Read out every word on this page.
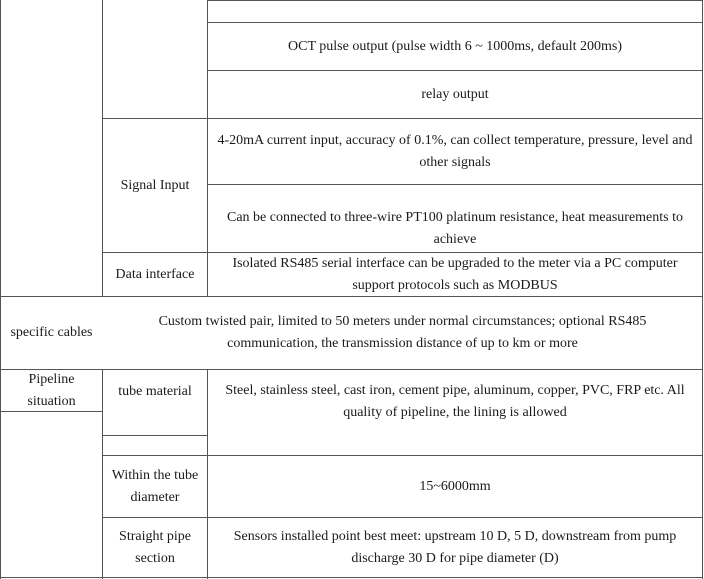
OCT pulse output (pulse width 6 ~ 1000ms, default 200ms)
relay output
Signal Input
4-20mA current input, accuracy of 0.1%, can collect temperature, pressure, level and other signals
Can be connected to three-wire PT100 platinum resistance, heat measurements to achieve
Data interface
Isolated RS485 serial interface can be upgraded to the meter via a PC computer support protocols such as MODBUS
specific cables
Custom twisted pair, limited to 50 meters under normal circumstances; optional RS485 communication, the transmission distance of up to km or more
Pipeline situation
tube material	Steel, stainless steel, cast iron, cement pipe, aluminum, copper, PVC, FRP etc. All quality of pipeline, the lining is allowed
Within the tube diameter
15~6000mm
Straight pipe section
Sensors installed point best meet: upstream 10 D, 5 D, downstream from pump discharge 30 D for pipe diameter (D)
